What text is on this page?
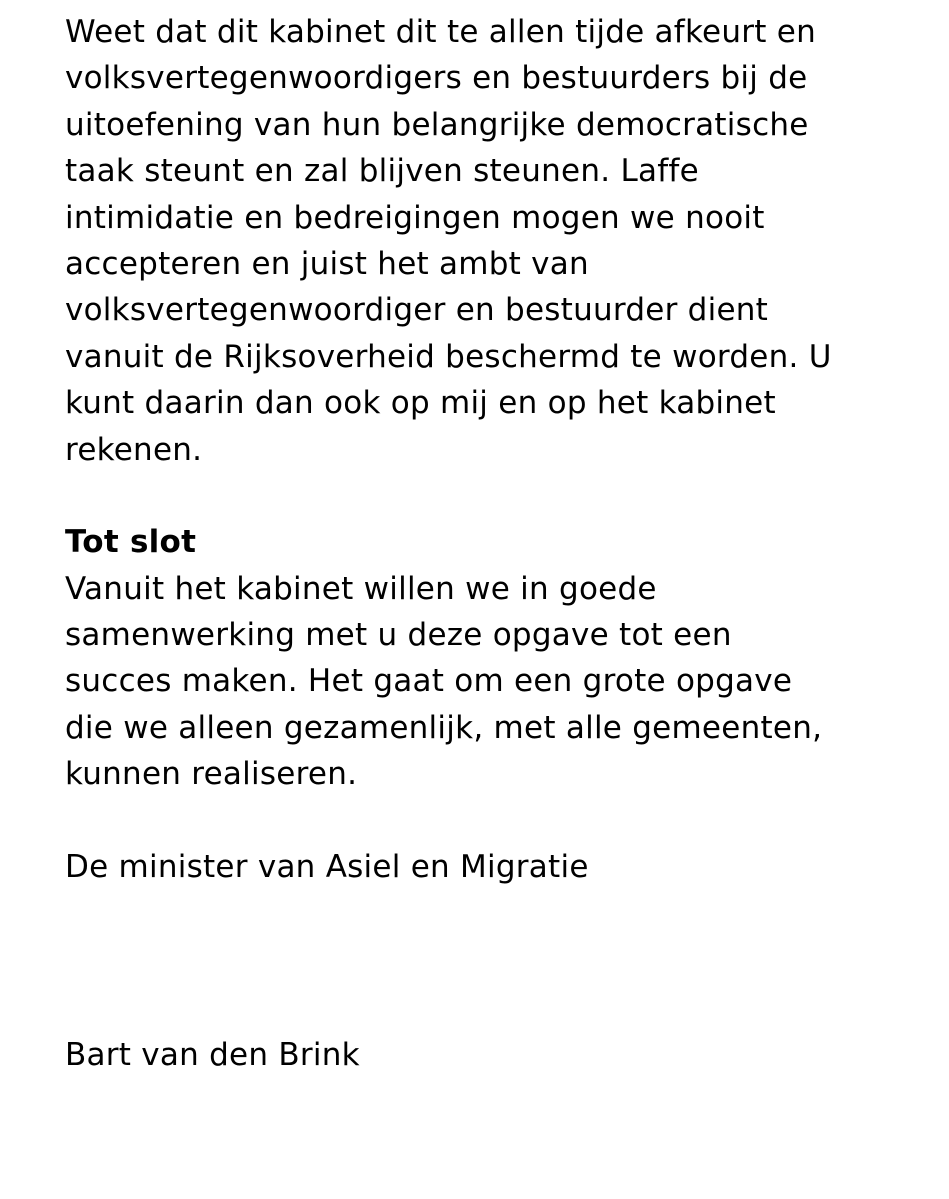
Weet dat dit kabinet dit te allen tijde afkeurt en
volksvertegenwoordigers en bestuurders bij de
uitoefening van hun belangrijke democratische
taak steunt en zal blijven steunen. Laffe
intimidatie en bedreigingen mogen we nooit
accepteren en juist het ambt van
volksvertegenwoordiger en bestuurder dient
vanuit de Rijksoverheid beschermd te worden. U
kunt daarin dan ook op mij en op het kabinet
rekenen.
Tot slot
Vanuit het kabinet willen we in goede
samenwerking met u deze opgave tot een
succes maken. Het gaat om een grote opgave
die we alleen gezamenlijk, met alle gemeenten,
kunnen realiseren.
De minister van Asiel en Migratie
Bart van den Brink
